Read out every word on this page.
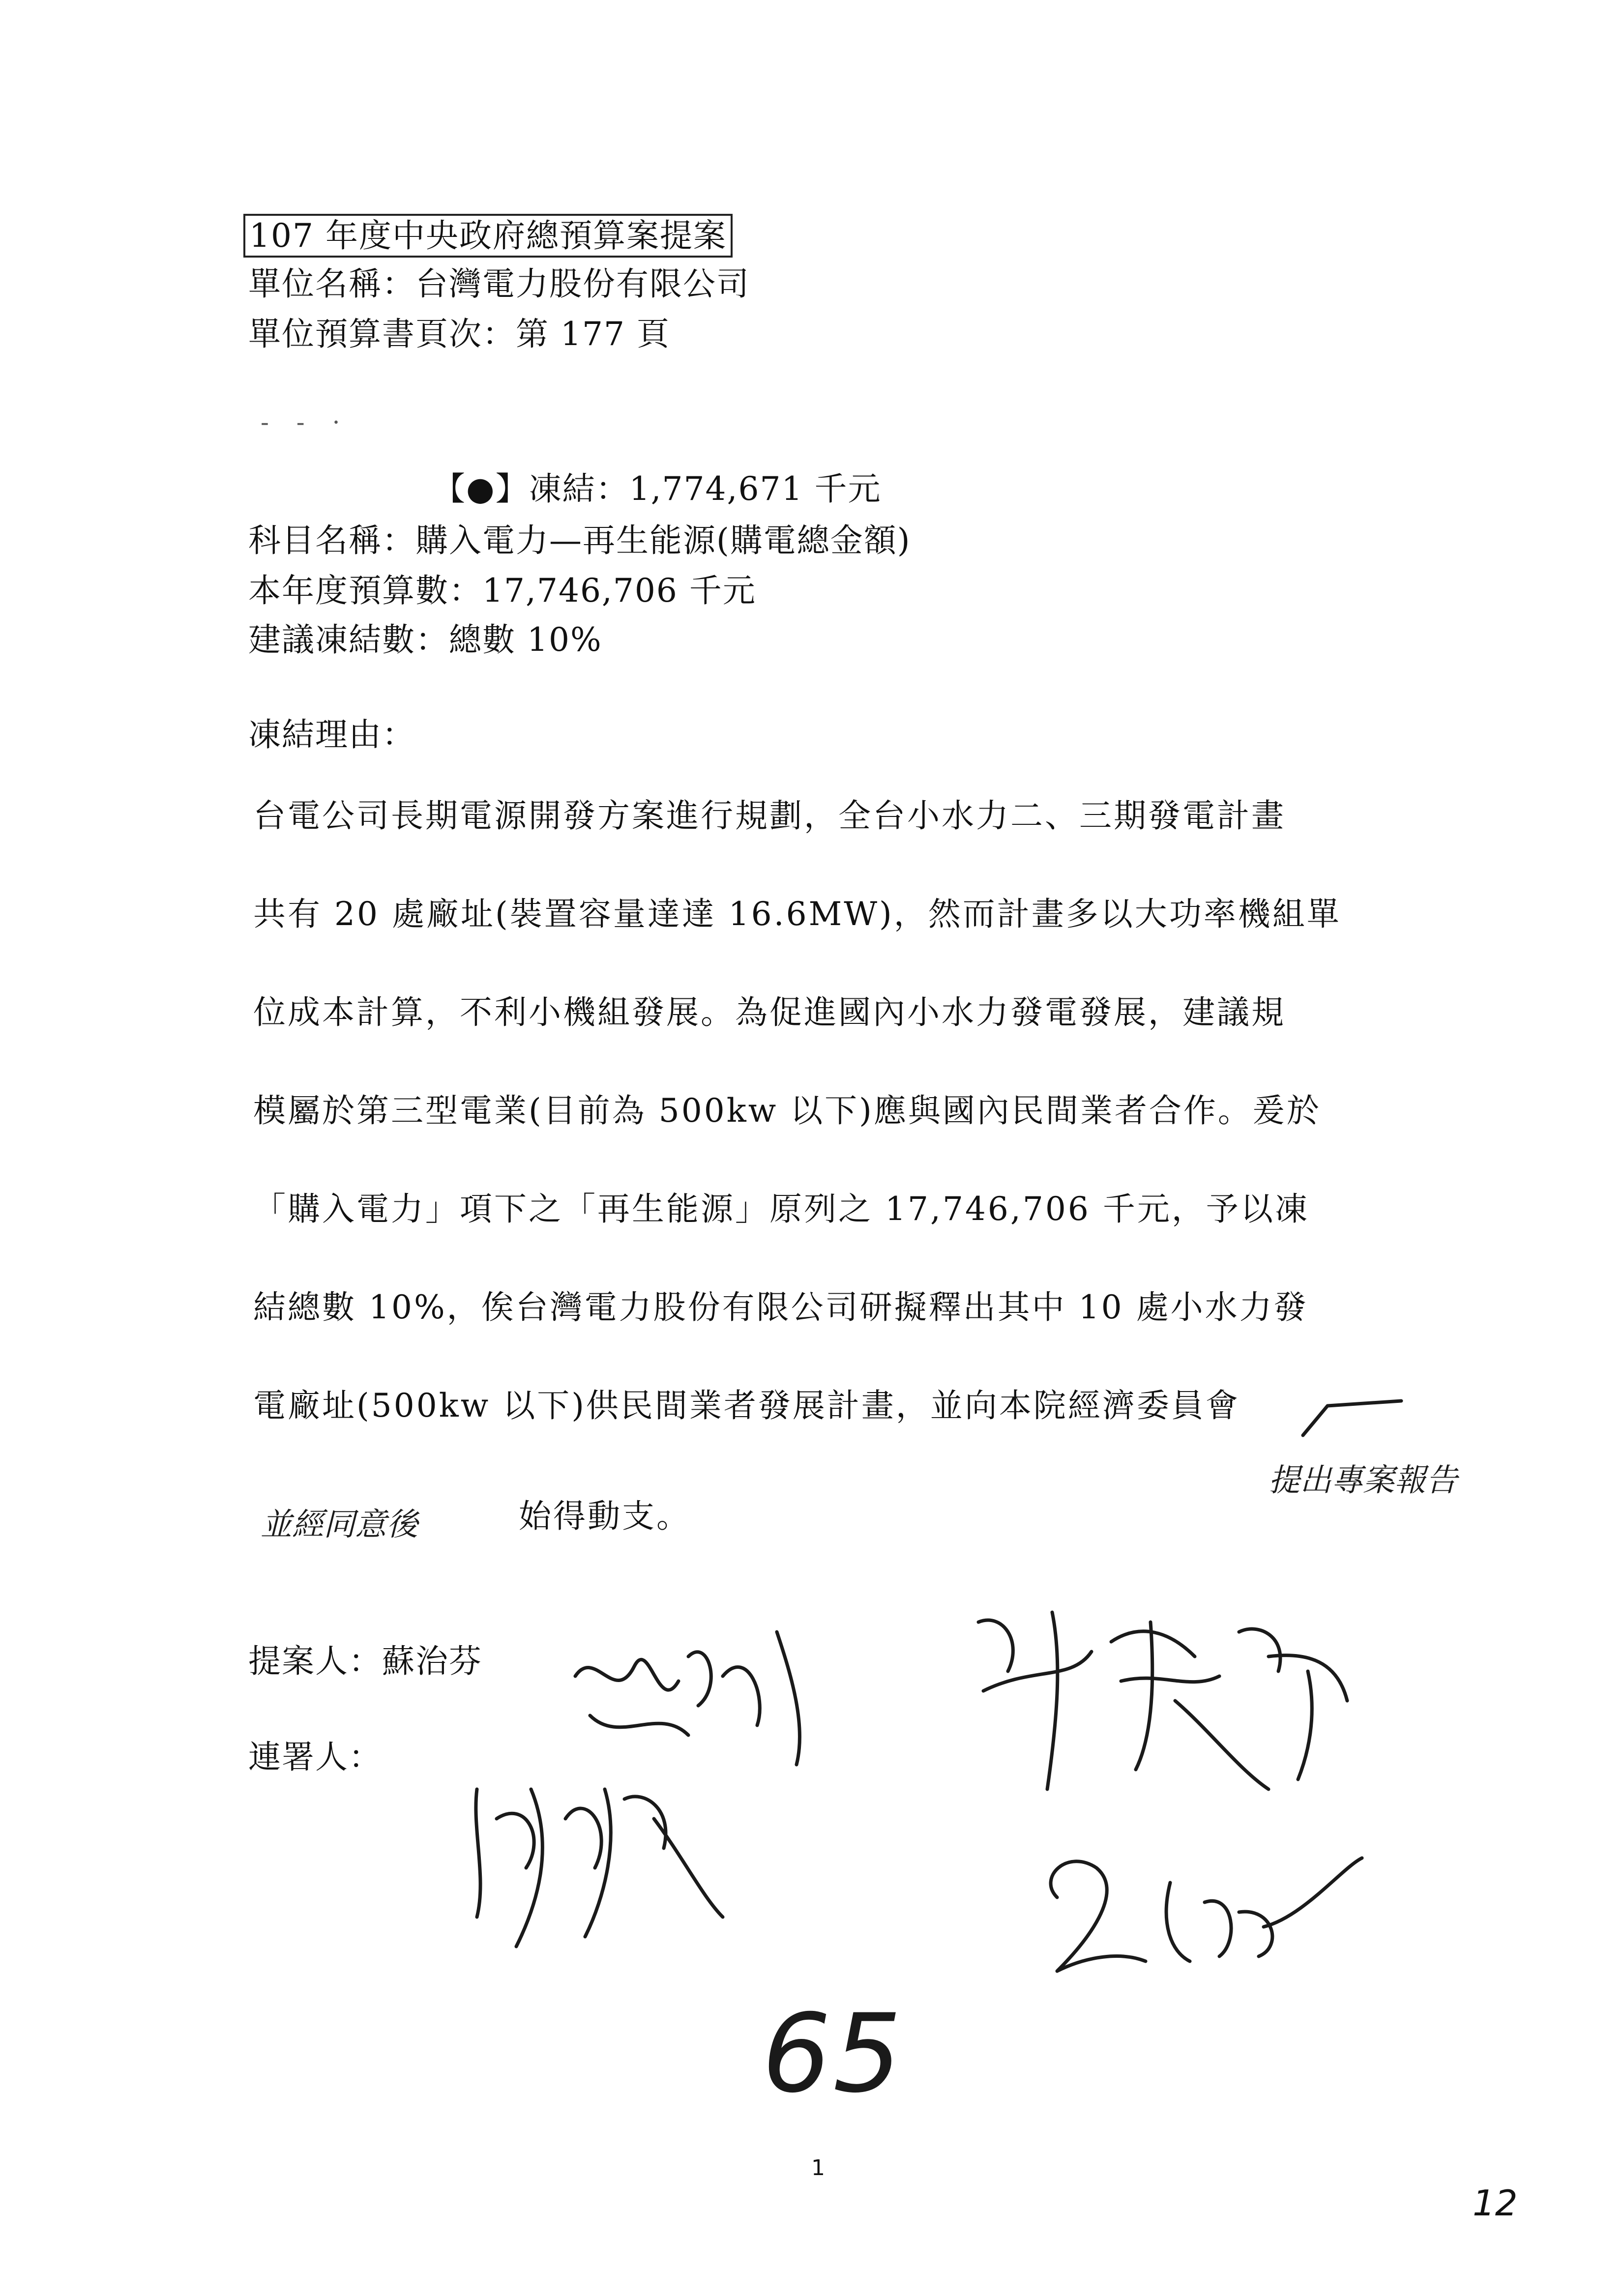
107 年度中央政府總預算案提案
單位名稱：台灣電力股份有限公司
單位預算書頁次：第 177 頁
- - ·
【●】凍結：1,774,671 千元
科目名稱：購入電力—再生能源(購電總金額)
本年度預算數：17,746,706 千元
建議凍結數：總數 10%
凍結理由：
台電公司長期電源開發方案進行規劃，全台小水力二、三期發電計畫
共有 20 處廠址(裝置容量達達 16.6MW)，然而計畫多以大功率機組單
位成本計算，不利小機組發展。為促進國內小水力發電發展，建議規
模屬於第三型電業(目前為 500kw 以下)應與國內民間業者合作。爰於
「購入電力」項下之「再生能源」原列之 17,746,706 千元，予以凍
結總數 10%，俟台灣電力股份有限公司研擬釋出其中 10 處小水力發
電廠址(500kw 以下)供民間業者發展計畫，並向本院經濟委員會
提出專案報告
並經同意後	始得動支。
提案人：蘇治芬
連署人：
65
1
12
